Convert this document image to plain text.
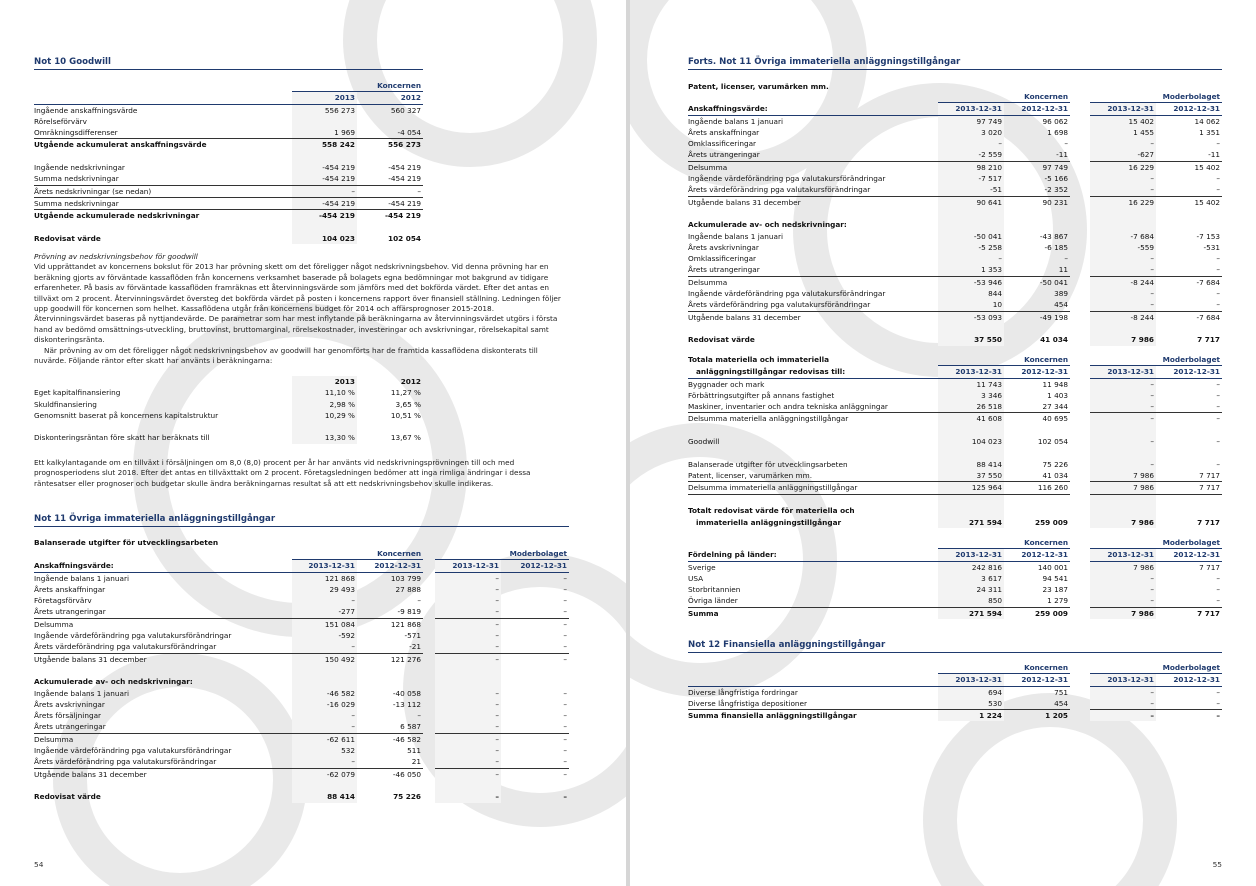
Not 10 Goodwill
	Koncernen	
	2013	2012
Ingående anskaffningsvärde	556 273	560 327
Rörelseförvärv		
Omräkningsdifferenser	1 969	-4 054
Utgående ackumulerat anskaffningsvärde	558 242	556 273

Ingående nedskrivningar	-454 219	-454 219
Summa nedskrivningar	-454 219	-454 219
Årets nedskrivningar (se nedan)	–	–
Summa nedskrivningar	-454 219	-454 219
Utgående ackumulerade nedskrivningar	-454 219	-454 219

Redovisat värde	104 023	102 054

Prövning av nedskrivningsbehov för goodwill

Vid upprättandet av koncernens bokslut för 2013 har prövning skett om det föreligger något nedskrivningsbehov. Vid denna prövning har en beräkning gjorts av förväntade kassaflöden från koncernens verksamhet baserade på bolagets egna bedömningar mot bakgrund av tidigare erfarenheter. På basis av förväntade kassaflöden framräknas ett återvinningsvärde som jämförs med det bokförda värdet. Efter det antas en tillväxt om 2 procent. Återvinningsvärdet översteg det bokförda värdet på posten i koncernens rapport över finansiell ställning. Ledningen följer upp goodwill för koncernen som helhet. Kassaflödena utgår från koncernens budget för 2014 och affärsprognoser 2015-2018. Återvinningsvärdet baseras på nyttjandevärde. De parametrar som har mest inflytande på beräkningarna av återvinningsvärdet utgörs i första hand av bedömd omsättnings-utveckling, bruttovinst, bruttomarginal, rörelsekostnader, investeringar och avskrivningar, rörelsekapital samt diskonteringsränta.

När prövning av om det föreligger något nedskrivningsbehov av goodwill har genomförts har de framtida kassaflödena diskonterats till nuvärde. Följande räntor efter skatt har använts i beräkningarna:

	2013	2012
Eget kapitalfinansiering	11,10 %	11,27 %
Skuldfinansiering	2,98 %	3,65 %
Genomsnitt baserat på koncernens kapitalstruktur	10,29 %	10,51 %

Diskonteringsräntan före skatt har beräknats till	13,30 %	13,67 %
Ett kalkylantagande om en tillväxt i försäljningen om 8,0 (8,0) procent per år har använts vid nedskrivningsprövningen till och med prognosperiodens slut 2018. Efter det antas en tillväxttakt om 2 procent. Företagsledningen bedömer att inga rimliga ändringar i dessa räntesatser eller prognoser och budgetar skulle ändra beräkningarnas resultat så att ett nedskrivningsbehov skulle indikeras.
Not 11 Övriga immateriella anläggningstillgångar
Balanserade utgifter för utvecklingsarbeten
	Koncernen			Moderbolaget	
Anskaffningsvärde:	2013-12-31	2012-12-31		2013-12-31	2012-12-31
Ingående balans 1 januari	121 868	103 799		–	–
Årets anskaffningar	29 493	27 888		–	–
Företagsförvärv	–	–		–	–
Årets utrangeringar	-277	-9 819		–	–
Delsumma	151 084	121 868		–	–
Ingående värdeförändring pga valutakursförändringar	-592	-571		–	–
Årets värdeförändring pga valutakursförändringar	–	-21		–	–
Utgående balans 31 december	150 492	121 276		–	–

Ackumulerade av- och nedskrivningar:					
Ingående balans 1 januari	-46 582	-40 058		–	–
Årets avskrivningar	-16 029	-13 112		–	–
Årets försäljningar	–	–		–	–
Årets utrangeringar	–	6 587		–	–
Delsumma	-62 611	-46 582		–	–
Ingående värdeförändring pga valutakursförändringar	532	511		–	–
Årets värdeförändring pga valutakursförändringar	–	21		–	–
Utgående balans 31 december	-62 079	-46 050		–	–

Redovisat värde	88 414	75 226		–	–
54
Forts. Not 11 Övriga immateriella anläggningstillgångar
Patent, licenser, varumärken mm.
	Koncernen			Moderbolaget	
Anskaffningsvärde:	2013-12-31	2012-12-31		2013-12-31	2012-12-31
Ingående balans 1 januari	97 749	96 062		15 402	14 062
Årets anskaffningar	3 020	1 698		1 455	1 351
Omklassificeringar	–	–		–	–
Årets utrangeringar	-2 559	-11		-627	-11
Delsumma	98 210	97 749		16 229	15 402
Ingående värdeförändring pga valutakursförändringar	-7 517	-5 166		–	–
Årets värdeförändring pga valutakursförändringar	-51	-2 352		–	–
Utgående balans 31 december	90 641	90 231		16 229	15 402

Ackumulerade av- och nedskrivningar:					
Ingående balans 1 januari	-50 041	-43 867		-7 684	-7 153
Årets avskrivningar	-5 258	-6 185		-559	-531
Omklassificeringar	–	–		–	–
Årets utrangeringar	1 353	11		–	–
Delsumma	-53 946	-50 041		-8 244	-7 684
Ingående värdeförändring pga valutakursförändringar	844	389		–	–
Årets värdeförändring pga valutakursförändringar	10	454		–	–
Utgående balans 31 december	-53 093	-49 198		-8 244	-7 684

Redovisat värde	37 550	41 034		7 986	7 717
Totala materiella och immateriella	Koncernen			Moderbolaget	
anläggningstillgångar redovisas till:	2013-12-31	2012-12-31		2013-12-31	2012-12-31
Byggnader och mark	11 743	11 948		–	–
Förbättringsutgifter på annans fastighet	3 346	1 403		–	–
Maskiner, inventarier och andra tekniska anläggningar	26 518	27 344		–	–
Delsumma materiella anläggningstillgångar	41 608	40 695		–	–

Goodwill	104 023	102 054		–	–

Balanserade utgifter för utvecklingsarbeten	88 414	75 226		–	–
Patent, licenser, varumärken mm.	37 550	41 034		7 986	7 717
Delsumma immateriella anläggningstillgångar	125 964	116 260		7 986	7 717

Totalt redovisat värde för materiella och					
immateriella anläggningstillgångar	271 594	259 009		7 986	7 717
	Koncernen			Moderbolaget	
Fördelning på länder:	2013-12-31	2012-12-31		2013-12-31	2012-12-31
Sverige	242 816	140 001		7 986	7 717
USA	3 617	94 541		–	–
Storbritannien	24 311	23 187		–	–
Övriga länder	850	1 279		–	–
Summa	271 594	259 009		7 986	7 717
Not 12 Finansiella anläggningstillgångar
	Koncernen			Moderbolaget	
	2013-12-31	2012-12-31		2013-12-31	2012-12-31
Diverse långfristiga fordringar	694	751		–	–
Diverse långfristiga depositioner	530	454		–	–
Summa finansiella anläggningstillgångar	1 224	1 205		–	–
55
